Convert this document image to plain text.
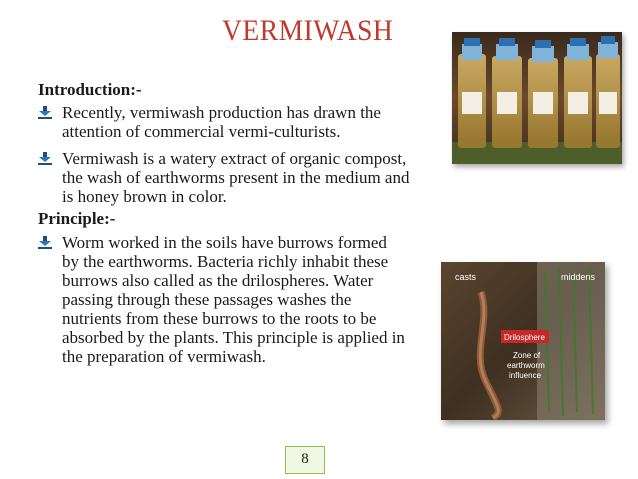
VERMIWASH
Introduction:-
Recently, vermiwash production has drawn the attention of commercial vermi-culturists.
Vermiwash is a watery extract of organic compost, the wash of earthworms present in the medium and is honey brown in color.
Principle:-
Worm worked in the soils have burrows formed by the earthworms. Bacteria richly inhabit these burrows also called as the drilospheres. Water passing through these passages washes the nutrients from these burrows to the roots to be absorbed by the plants. This principle is applied in the preparation of vermiwash.
casts	middens
Drilosphere
Zone of
earthworm
influence
8
